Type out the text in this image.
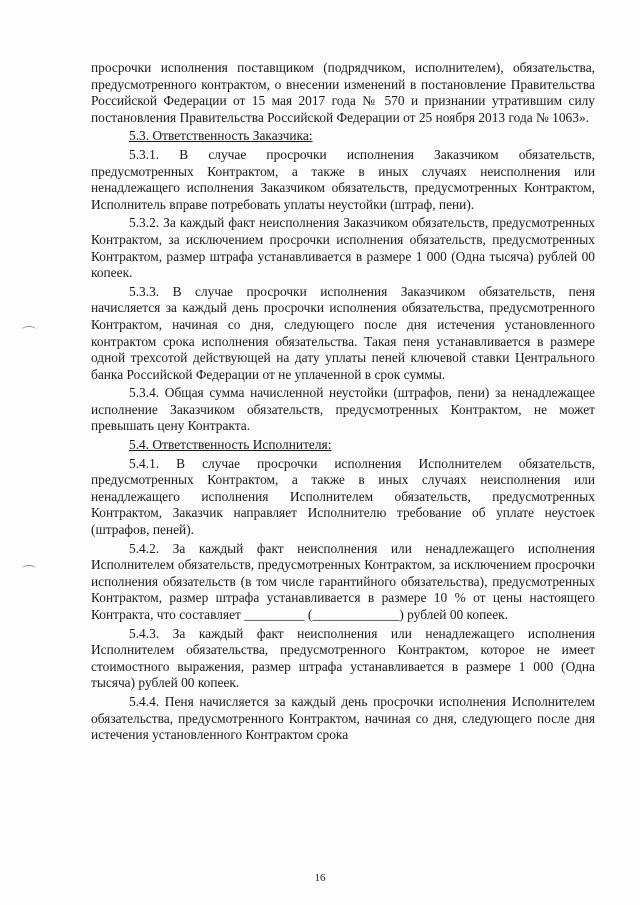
просрочки исполнения поставщиком (подрядчиком, исполнителем), обязательства, предусмотренного контрактом, о внесении изменений в постановление Правительства Российской Федерации от 15 мая 2017 года № 570 и признании утратившим силу постановления Правительства Российской Федерации от 25 ноября 2013 года № 1063».

5.3. Ответственность Заказчика:

5.3.1. В случае просрочки исполнения Заказчиком обязательств, предусмотренных Контрактом, а также в иных случаях неисполнения или ненадлежащего исполнения Заказчиком обязательств, предусмотренных Контрактом, Исполнитель вправе потребовать уплаты неустойки (штраф, пени).

5.3.2. За каждый факт неисполнения Заказчиком обязательств, предусмотренных Контрактом, за исключением просрочки исполнения обязательств, предусмотренных Контрактом, размер штрафа устанавливается в размере 1 000 (Одна тысяча) рублей 00 копеек.

5.3.3. В случае просрочки исполнения Заказчиком обязательств, пеня начисляется за каждый день просрочки исполнения обязательства, предусмотренного Контрактом, начиная со дня, следующего после дня истечения установленного контрактом срока исполнения обязательства. Такая пеня устанавливается в размере одной трехсотой действующей на дату уплаты пеней ключевой ставки Центрального банка Российской Федерации от не уплаченной в срок суммы.

5.3.4. Общая сумма начисленной неустойки (штрафов, пени) за ненадлежащее исполнение Заказчиком обязательств, предусмотренных Контрактом, не может превышать цену Контракта.

5.4. Ответственность Исполнителя:

5.4.1. В случае просрочки исполнения Исполнителем обязательств, предусмотренных Контрактом, а также в иных случаях неисполнения или ненадлежащего исполнения Исполнителем обязательств, предусмотренных Контрактом, Заказчик направляет Исполнителю требование об уплате неустоек (штрафов, пеней).

5.4.2. За каждый факт неисполнения или ненадлежащего исполнения Исполнителем обязательств, предусмотренных Контрактом, за исключением просрочки исполнения обязательств (в том числе гарантийного обязательства), предусмотренных Контрактом, размер штрафа устанавливается в размере 10 % от цены настоящего Контракта, что составляет _________ (_____________) рублей 00 копеек.

5.4.3. За каждый факт неисполнения или ненадлежащего исполнения Исполнителем обязательства, предусмотренного Контрактом, которое не имеет стоимостного выражения, размер штрафа устанавливается в размере 1 000 (Одна тысяча) рублей 00 копеек.

5.4.4. Пеня начисляется за каждый день просрочки исполнения Исполнителем обязательства, предусмотренного Контрактом, начиная со дня, следующего после дня истечения установленного Контрактом срока

16
